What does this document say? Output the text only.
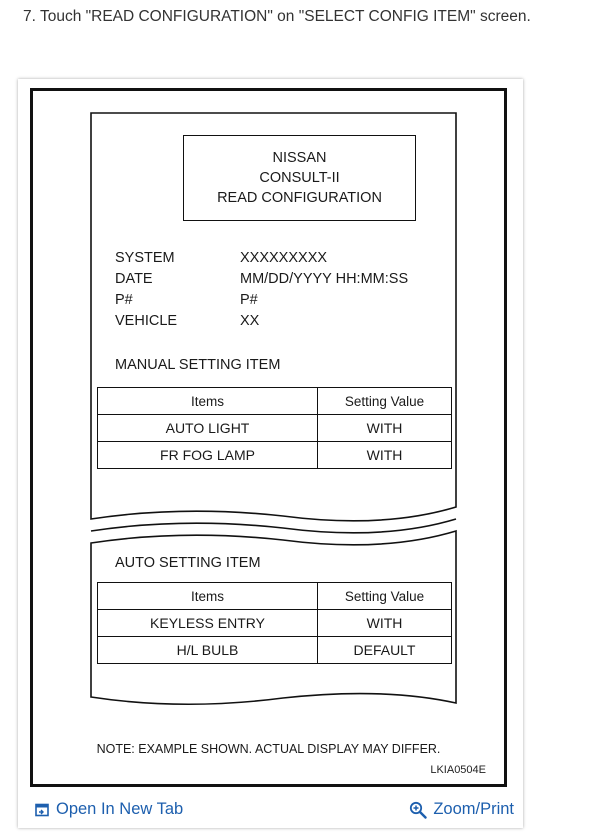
7. Touch "READ CONFIGURATION" on "SELECT CONFIG ITEM" screen.
NISSAN
CONSULT-II
READ CONFIGURATION
SYSTEM	XXXXXXXXX
DATE	MM/DD/YYYY HH:MM:SS
P#	P#
VEHICLE	XX
MANUAL SETTING ITEM
Items	Setting Value
AUTO LIGHT	WITH
FR FOG LAMP	WITH
AUTO SETTING ITEM
Items	Setting Value
KEYLESS ENTRY	WITH
H/L BULB	DEFAULT
NOTE: EXAMPLE SHOWN. ACTUAL DISPLAY MAY DIFFER.
LKIA0504E
Open In New Tab	Zoom/Print
